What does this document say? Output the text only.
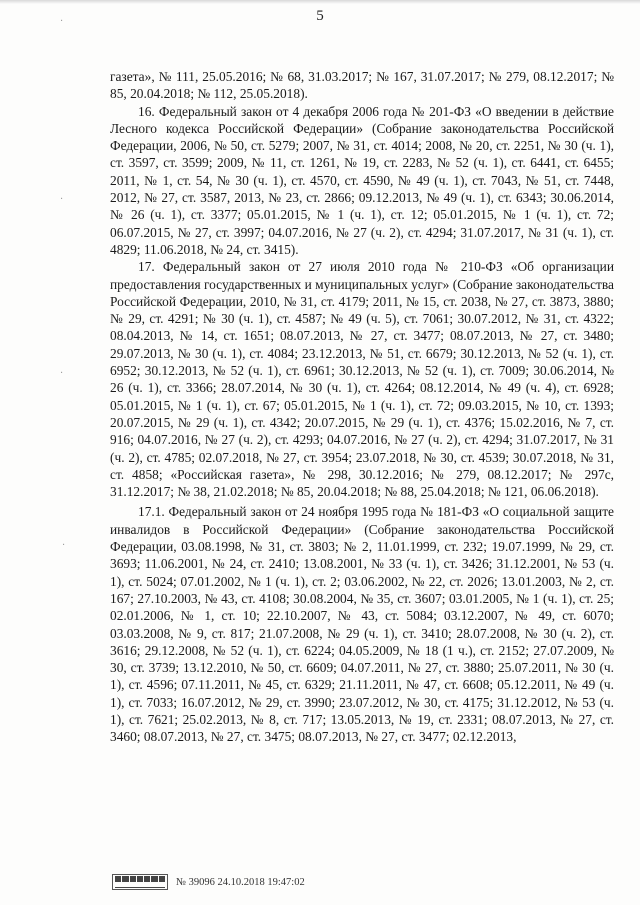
5
·
·
·
·

газета», № 111, 25.05.2016; № 68, 31.03.2017; № 167, 31.07.2017; № 279, 08.12.2017; № 85, 20.04.2018; № 112, 25.05.2018).

16. Федеральный закон от 4 декабря 2006 года № 201-ФЗ «О введении в действие Лесного кодекса Российской Федерации» (Собрание законодательства Российской Федерации, 2006, № 50, ст. 5279; 2007, № 31, ст. 4014; 2008, № 20, ст. 2251, № 30 (ч. 1), ст. 3597, ст. 3599; 2009, № 11, ст. 1261, № 19, ст. 2283, № 52 (ч. 1), ст. 6441, ст. 6455; 2011, № 1, ст. 54, № 30 (ч. 1), ст. 4570, ст. 4590, № 49 (ч. 1), ст. 7043, № 51, ст. 7448, 2012, № 27, ст. 3587, 2013, № 23, ст. 2866; 09.12.2013, № 49 (ч. 1), ст. 6343; 30.06.2014, № 26 (ч. 1), ст. 3377; 05.01.2015, № 1 (ч. 1), ст. 12; 05.01.2015, № 1 (ч. 1), ст. 72; 06.07.2015, № 27, ст. 3997; 04.07.2016, № 27 (ч. 2), ст. 4294; 31.07.2017, № 31 (ч. 1), ст. 4829; 11.06.2018, № 24, ст. 3415).

17. Федеральный закон от 27 июля 2010 года № 210-ФЗ «Об организации предоставления государственных и муниципальных услуг» (Собрание законодательства Российской Федерации, 2010, № 31, ст. 4179; 2011, № 15, ст. 2038, № 27, ст. 3873, 3880; № 29, ст. 4291; № 30 (ч. 1), ст. 4587; № 49 (ч. 5), ст. 7061; 30.07.2012, № 31, ст. 4322; 08.04.2013, № 14, ст. 1651; 08.07.2013, № 27, ст. 3477; 08.07.2013, № 27, ст. 3480; 29.07.2013, № 30 (ч. 1), ст. 4084; 23.12.2013, № 51, ст. 6679; 30.12.2013, № 52 (ч. 1), ст. 6952; 30.12.2013, № 52 (ч. 1), ст. 6961; 30.12.2013, № 52 (ч. 1), ст. 7009; 30.06.2014, № 26 (ч. 1), ст. 3366; 28.07.2014, № 30 (ч. 1), ст. 4264; 08.12.2014, № 49 (ч. 4), ст. 6928; 05.01.2015, № 1 (ч. 1), ст. 67; 05.01.2015, № 1 (ч. 1), ст. 72; 09.03.2015, № 10, ст. 1393; 20.07.2015, № 29 (ч. 1), ст. 4342; 20.07.2015, № 29 (ч. 1), ст. 4376; 15.02.2016, № 7, ст. 916; 04.07.2016, № 27 (ч. 2), ст. 4293; 04.07.2016, № 27 (ч. 2), ст. 4294; 31.07.2017, № 31 (ч. 2), ст. 4785; 02.07.2018, № 27, ст. 3954; 23.07.2018, № 30, ст. 4539; 30.07.2018, № 31, ст. 4858; «Российская газета», № 298, 30.12.2016; № 279, 08.12.2017; № 297с, 31.12.2017; № 38, 21.02.2018; № 85, 20.04.2018; № 88, 25.04.2018; № 121, 06.06.2018).

17.1. Федеральный закон от 24 ноября 1995 года № 181-ФЗ «О социальной защите инвалидов в Российской Федерации» (Собрание законодательства Российской Федерации, 03.08.1998, № 31, ст. 3803; № 2, 11.01.1999, ст. 232; 19.07.1999, № 29, ст. 3693; 11.06.2001, № 24, ст. 2410; 13.08.2001, № 33 (ч. 1), ст. 3426; 31.12.2001, № 53 (ч. 1), ст. 5024; 07.01.2002, № 1 (ч. 1), ст. 2; 03.06.2002, № 22, ст. 2026; 13.01.2003, № 2, ст. 167; 27.10.2003, № 43, ст. 4108; 30.08.2004, № 35, ст. 3607; 03.01.2005, № 1 (ч. 1), ст. 25; 02.01.2006, № 1, ст. 10; 22.10.2007, № 43, ст. 5084; 03.12.2007, № 49, ст. 6070; 03.03.2008, № 9, ст. 817; 21.07.2008, № 29 (ч. 1), ст. 3410; 28.07.2008, № 30 (ч. 2), ст. 3616; 29.12.2008, № 52 (ч. 1), ст. 6224; 04.05.2009, № 18 (1 ч.), ст. 2152; 27.07.2009, № 30, ст. 3739; 13.12.2010, № 50, ст. 6609; 04.07.2011, № 27, ст. 3880; 25.07.2011, № 30 (ч. 1), ст. 4596; 07.11.2011, № 45, ст. 6329; 21.11.2011, № 47, ст. 6608; 05.12.2011, № 49 (ч. 1), ст. 7033; 16.07.2012, № 29, ст. 3990; 23.07.2012, № 30, ст. 4175; 31.12.2012, № 53 (ч. 1), ст. 7621; 25.02.2013, № 8, ст. 717; 13.05.2013, № 19, ст. 2331; 08.07.2013, № 27, ст. 3460; 08.07.2013, № 27, ст. 3475; 08.07.2013, № 27, ст. 3477; 02.12.2013,

№ 39096 24.10.2018 19:47:02
